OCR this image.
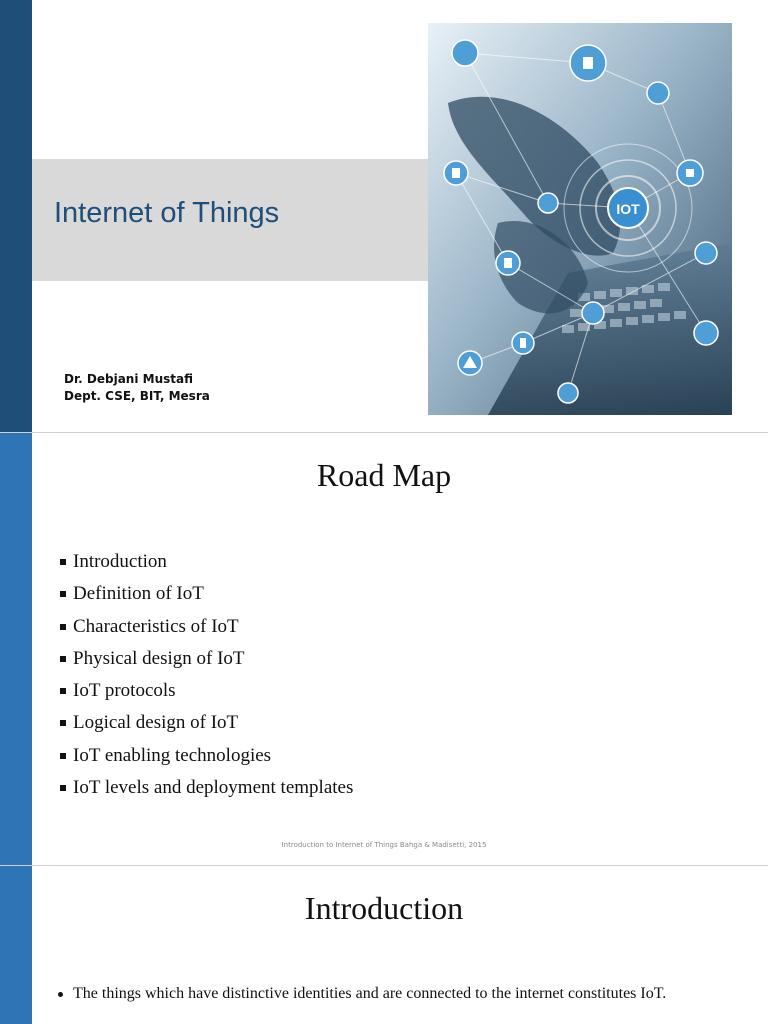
Internet of Things
Dr. Debjani Mustafi
Dept. CSE, BIT, Mesra
IOT
Road Map
Introduction
Definition of IoT
Characteristics of IoT
Physical design of IoT
IoT protocols
Logical design of IoT
IoT enabling technologies
IoT levels and deployment templates
Introduction to Internet of Things Bahga & Madisetti, 2015
Introduction
The things which have distinctive identities and are connected to the internet constitutes IoT.
